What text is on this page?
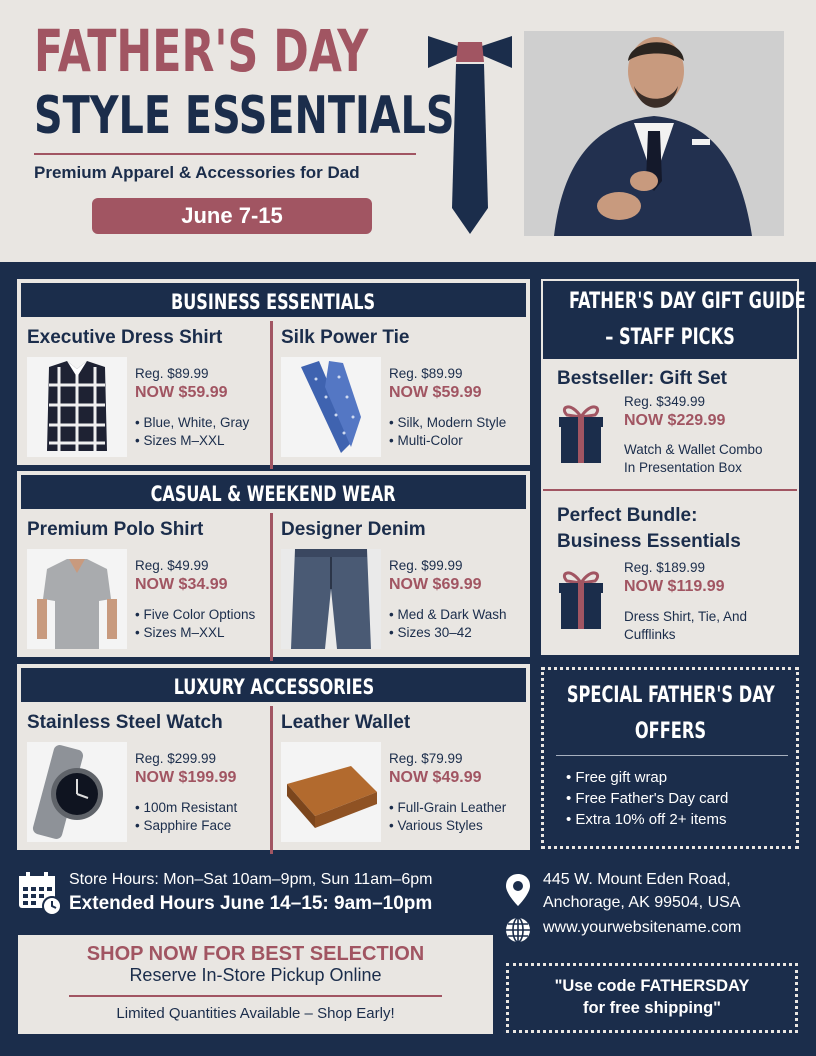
FATHER'S DAY
STYLE ESSENTIALS
Premium Apparel & Accessories for Dad
June 7-15
BUSINESS ESSENTIALS
Executive Dress Shirt
Reg. $89.99
NOW $59.99
• Blue, White, Gray
• Sizes M–XXL
Silk Power Tie
Reg. $89.99
NOW $59.99
• Silk, Modern Style
• Multi-Color
CASUAL & WEEKEND WEAR
Premium Polo Shirt
Reg. $49.99
NOW $34.99
• Five Color Options
• Sizes M–XXL
Designer Denim
Reg. $99.99
NOW $69.99
• Med & Dark Wash
• Sizes 30–42
LUXURY ACCESSORIES
Stainless Steel Watch
Reg. $299.99
NOW $199.99
• 100m Resistant
• Sapphire Face
Leather Wallet
Reg. $79.99
NOW $49.99
• Full-Grain Leather
• Various Styles
FATHER'S DAY GIFT GUIDE
– STAFF PICKS
Bestseller: Gift Set
Reg. $349.99
NOW $229.99
Watch & Wallet Combo
In Presentation Box
Perfect Bundle:
Business Essentials
Reg. $189.99
NOW $119.99
Dress Shirt, Tie, And
Cufflinks
SPECIAL FATHER'S DAY
OFFERS
• Free gift wrap
• Free Father's Day card
• Extra 10% off 2+ items
Store Hours: Mon–Sat 10am–9pm, Sun 11am–6pm
Extended Hours June 14–15: 9am–10pm
445 W. Mount Eden Road,
Anchorage, AK 99504, USA
www.yourwebsitename.com
SHOP NOW FOR BEST SELECTION
Reserve In-Store Pickup Online
Limited Quantities Available – Shop Early!
"Use code FATHERSDAY
for free shipping"
